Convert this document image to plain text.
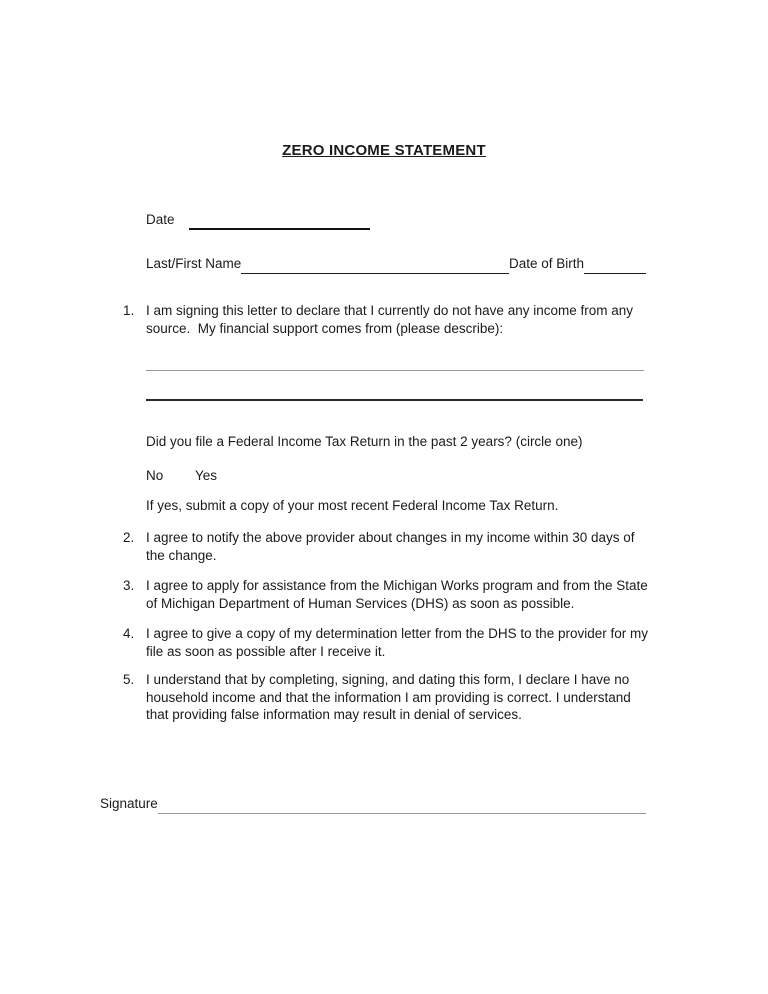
ZERO INCOME STATEMENT
Date
Last/First Name	Date of Birth
1. I am signing this letter to declare that I currently do not have any income from any source.  My financial support comes from (please describe):
Did you file a Federal Income Tax Return in the past 2 years? (circle one)
No Yes
If yes, submit a copy of your most recent Federal Income Tax Return.
2. I agree to notify the above provider about changes in my income within 30 days of the change.
3. I agree to apply for assistance from the Michigan Works program and from the State of Michigan Department of Human Services (DHS) as soon as possible.
4. I agree to give a copy of my determination letter from the DHS to the provider for my file as soon as possible after I receive it.
5. I understand that by completing, signing, and dating this form, I declare I have no household income and that the information I am providing is correct. I understand that providing false information may result in denial of services.
Signature
